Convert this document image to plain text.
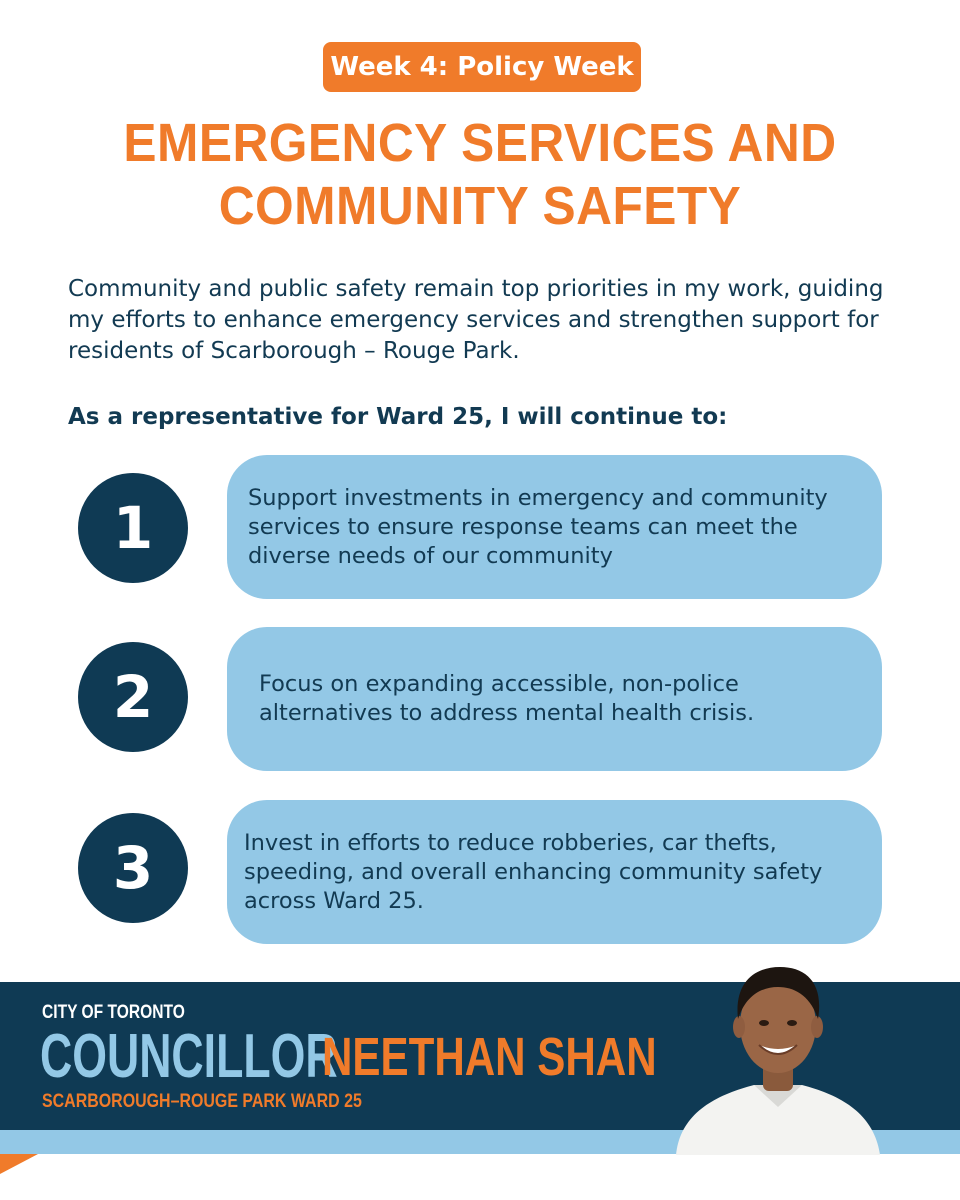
Week 4: Policy Week
EMERGENCY SERVICES AND
COMMUNITY SAFETY

Community and public safety remain top priorities in my work, guiding my efforts to enhance emergency services and strengthen support for residents of Scarborough – Rouge Park.

As a representative for Ward 25, I will continue to:

1	Support investments in emergency and community services to ensure response teams can meet the diverse needs of our community
2	Focus on expanding accessible, non-police alternatives to address mental health crisis.
3	Invest in efforts to reduce robberies, car thefts, speeding, and overall enhancing community safety across Ward 25.
CITY OF TORONTO
COUNCILLOR
NEETHAN SHAN
SCARBOROUGH–ROUGE PARK WARD 25
